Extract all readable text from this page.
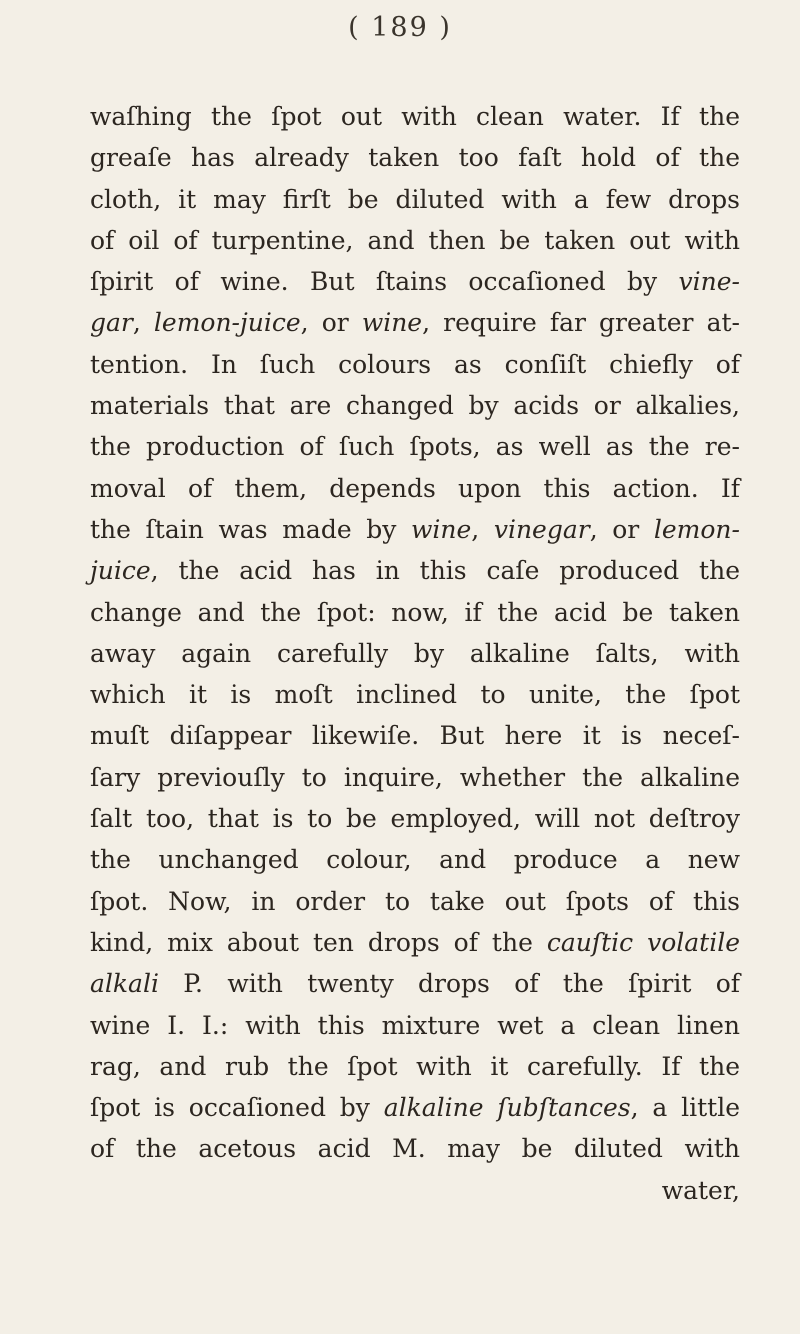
( 189 )
waſhing the ſpot out with clean water. If the
greaſe has already taken too faſt hold of the
cloth, it may firſt be diluted with a few drops
of oil of turpentine, and then be taken out with
ſpirit of wine. But ſtains occaſioned by vine-
gar, lemon-juice, or wine, require far greater at-
tention. In ſuch colours as conſiſt chiefly of
materials that are changed by acids or alkalies,
the production of ſuch ſpots, as well as the re-
moval of them, depends upon this action. If
the ſtain was made by wine, vinegar, or lemon-
juice, the acid has in this caſe produced the
change and the ſpot: now, if the acid be taken
away again carefully by alkaline ſalts, with
which it is moſt inclined to unite, the ſpot
muſt diſappear likewiſe. But here it is neceſ-
ſary previouſly to inquire, whether the alkaline
ſalt too, that is to be employed, will not deſtroy
the unchanged colour, and produce a new
ſpot. Now, in order to take out ſpots of this
kind, mix about ten drops of the cauſtic volatile
alkali P. with twenty drops of the ſpirit of
wine I. I.: with this mixture wet a clean linen
rag, and rub the ſpot with it carefully. If the
ſpot is occaſioned by alkaline ſubſtances, a little
of the acetous acid M. may be diluted with
water,
